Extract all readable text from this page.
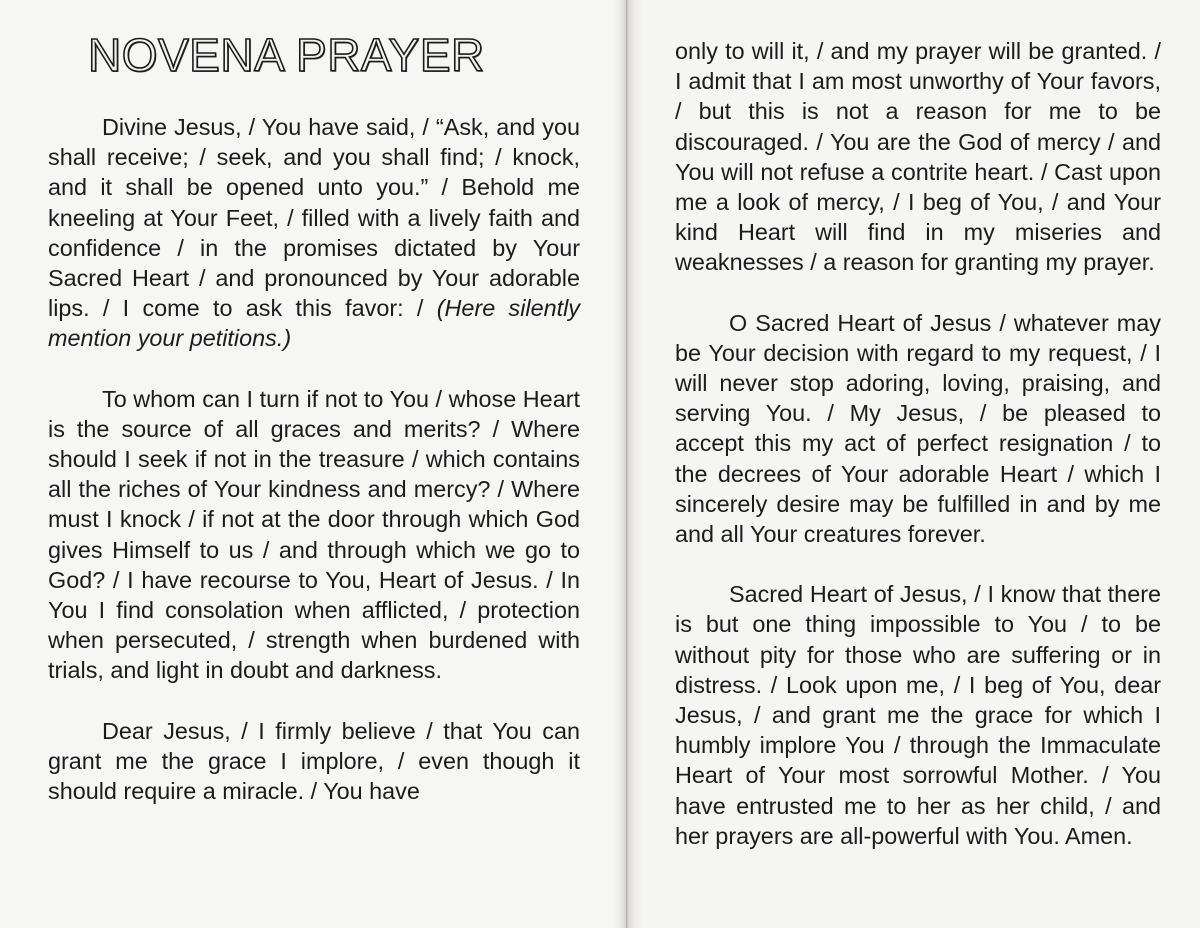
NOVENA PRAYER

Divine Jesus, / You have said, / “Ask, and you shall receive; / seek, and you shall find; / knock, and it shall be opened unto you.” / Behold me kneeling at Your Feet, / filled with a lively faith and confidence / in the promises dictated by Your Sacred Heart / and pronounced by Your adorable lips. / I come to ask this favor: / (Here silently mention your petitions.)

To whom can I turn if not to You / whose Heart is the source of all graces and merits? / Where should I seek if not in the treasure / which contains all the riches of Your kindness and mercy? / Where must I knock / if not at the door through which God gives Himself to us / and through which we go to God? / I have recourse to You, Heart of Jesus. / In You I find consolation when afflicted, / protection when persecuted, / strength when burdened with trials, and light in doubt and darkness.

Dear Jesus, / I firmly believe / that You can grant me the grace I implore, / even though it should require a miracle. / You have

only to will it, / and my prayer will be granted. / I admit that I am most unworthy of Your favors, / but this is not a reason for me to be discouraged. / You are the God of mercy / and You will not refuse a contrite heart. / Cast upon me a look of mercy, / I beg of You, / and Your kind Heart will find in my miseries and weaknesses / a reason for granting my prayer.

O Sacred Heart of Jesus / whatever may be Your decision with regard to my request, / I will never stop adoring, loving, praising, and serving You. / My Jesus, / be pleased to accept this my act of perfect resignation / to the decrees of Your adorable Heart / which I sincerely desire may be fulfilled in and by me and all Your creatures forever.

Sacred Heart of Jesus, / I know that there is but one thing impossible to You / to be without pity for those who are suffering or in distress. / Look upon me, / I beg of You, dear Jesus, / and grant me the grace for which I humbly implore You / through the Immaculate Heart of Your most sorrowful Mother. / You have entrusted me to her as her child, / and her prayers are all-powerful with You. Amen.
